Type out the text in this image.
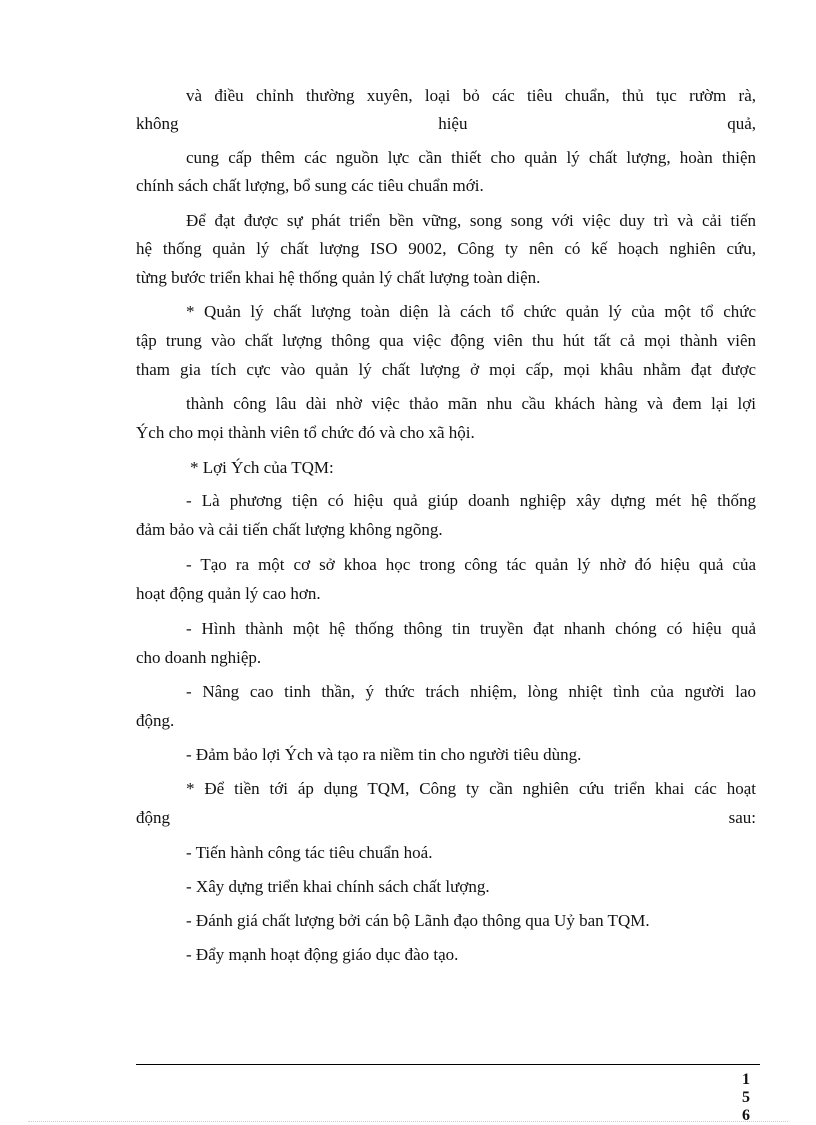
và điều chỉnh thường xuyên, loại bỏ các tiêu chuẩn, thủ tục rườm rà,
không hiệu quả,
cung cấp thêm các nguồn lực cần thiết cho quản lý chất lượng, hoàn thiện
chính sách chất lượng, bổ sung các tiêu chuẩn mới.
Để đạt được sự phát triển bền vững, song song với việc duy trì và cải tiến
hệ thống quản lý chất lượng ISO 9002, Công ty nên có kế hoạch nghiên cứu,
từng bước triển khai hệ thống quản lý chất lượng toàn diện.
* Quản lý chất lượng toàn diện là cách tổ chức quản lý của một tổ chức
tập trung vào chất lượng thông qua việc động viên thu hút tất cả mọi thành viên
tham gia tích cực vào quản lý chất lượng ở mọi cấp, mọi khâu nhằm đạt được
thành công lâu dài nhờ việc thảo mãn nhu cầu khách hàng và đem lại lợi
Ých cho mọi thành viên tổ chức đó và cho xã hội.
* Lợi Ých của TQM:
- Là phương tiện có hiệu quả giúp doanh nghiệp xây dựng mét hệ thống
đảm bảo và cải tiến chất lượng không ngõng.
- Tạo ra một cơ sở khoa học trong công tác quản lý nhờ đó hiệu quả của
hoạt động quản lý cao hơn.
- Hình thành một hệ thống thông tin truyền đạt nhanh chóng có hiệu quả
cho doanh nghiệp.
- Nâng cao tinh thần, ý thức trách nhiệm, lòng nhiệt tình của người lao
động.
- Đảm bảo lợi Ých và tạo ra niềm tin cho người tiêu dùng.
* Để tiền tới áp dụng TQM, Công ty cần nghiên cứu triển khai các hoạt
động sau:
- Tiến hành công tác tiêu chuẩn hoá.
- Xây dựng triển khai chính sách chất lượng.
- Đánh giá chất lượng bởi cán bộ Lãnh đạo thông qua Uỷ ban TQM.
- Đẩy mạnh hoạt động giáo dục đào tạo.
156
